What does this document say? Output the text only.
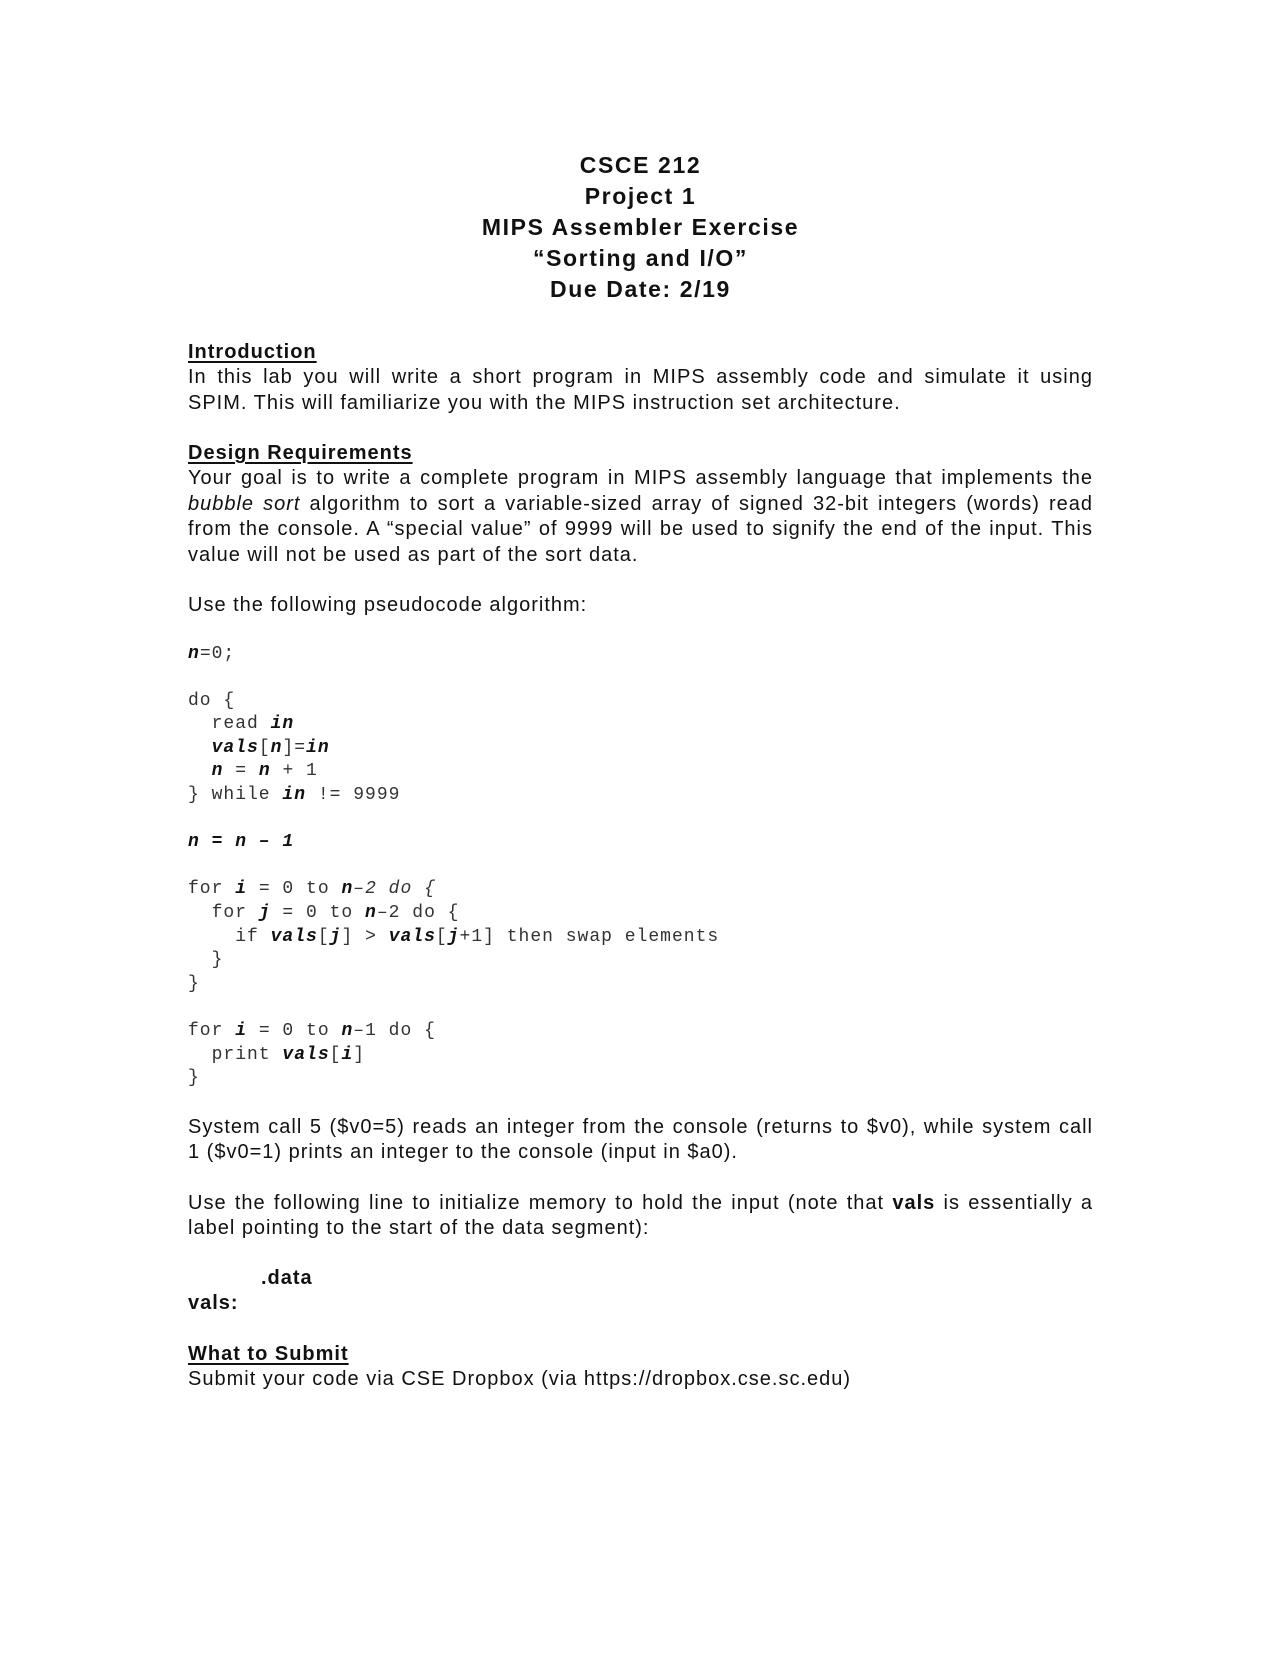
CSCE 212
Project 1
MIPS Assembler Exercise
“Sorting and I/O”
Due Date: 2/19
Introduction

In this lab you will write a short program in MIPS assembly code and simulate it using SPIM. This will familiarize you with the MIPS instruction set architecture.

Design Requirements

Your goal is to write a complete program in MIPS assembly language that implements the bubble sort algorithm to sort a variable-sized array of signed 32-bit integers (words) read from the console. A “special value” of 9999 will be used to signify the end of the input. This value will not be used as part of the sort data.

Use the following pseudocode algorithm:

n=0;
do {
read in
vals[n]=in
n = n + 1
} while in != 9999
n = n – 1
for i = 0 to n–2 do {
for j = 0 to n–2 do {
if vals[j] > vals[j+1] then swap elements
}
}
for i = 0 to n–1 do {
print vals[i]
}

System call 5 ($v0=5) reads an integer from the console (returns to $v0), while system call 1 ($v0=1) prints an integer to the console (input in $a0).

Use the following line to initialize memory to hold the input (note that vals is essentially a label pointing to the start of the data segment):

.data
vals:
What to Submit

Submit your code via CSE Dropbox (via https://dropbox.cse.sc.edu)
